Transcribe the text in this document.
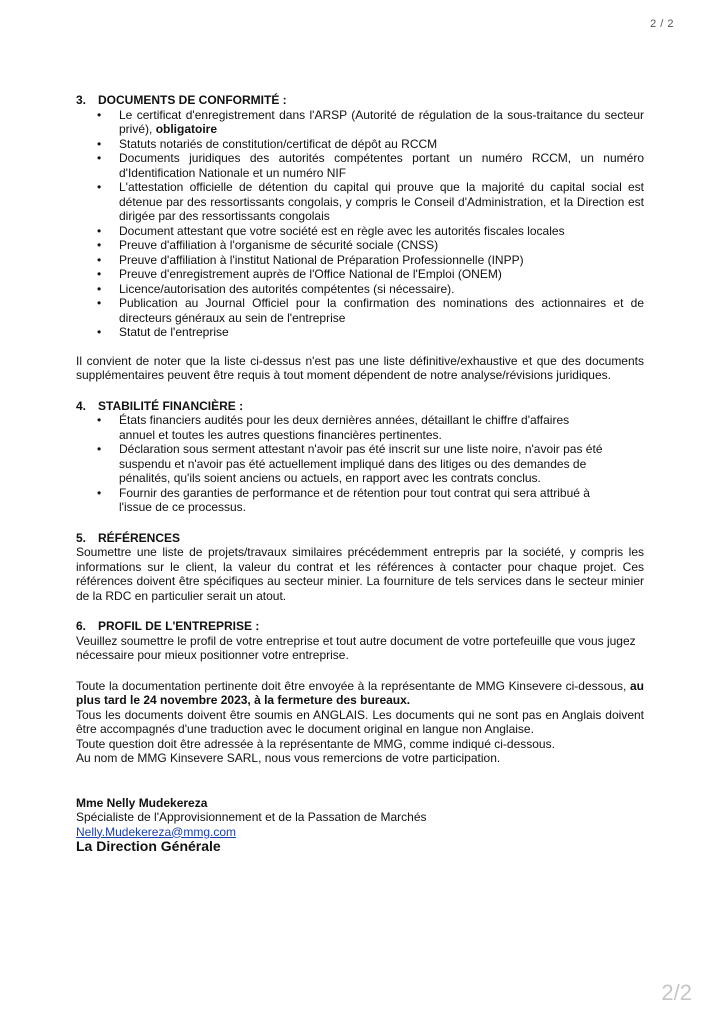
2 / 2

3. DOCUMENTS DE CONFORMITÉ :

• Le certificat d'enregistrement dans l'ARSP (Autorité de régulation de la sous-traitance du secteur privé), obligatoire
• Statuts notariés de constitution/certificat de dépôt au RCCM
• Documents juridiques des autorités compétentes portant un numéro RCCM, un numéro d'Identification Nationale et un numéro NIF
• L'attestation officielle de détention du capital qui prouve que la majorité du capital social est détenue par des ressortissants congolais, y compris le Conseil d'Administration, et la Direction est dirigée par des ressortissants congolais
• Document attestant que votre société est en règle avec les autorités fiscales locales
• Preuve d'affiliation à l'organisme de sécurité sociale (CNSS)
• Preuve d'affiliation à l'institut National de Préparation Professionnelle (INPP)
• Preuve d'enregistrement auprès de l'Office National de l'Emploi (ONEM)
• Licence/autorisation des autorités compétentes (si nécessaire).
• Publication au Journal Officiel pour la confirmation des nominations des actionnaires et de directeurs généraux au sein de l'entreprise
• Statut de l'entreprise

Il convient de noter que la liste ci-dessus n'est pas une liste définitive/exhaustive et que des documents supplémentaires peuvent être requis à tout moment dépendent de notre analyse/révisions juridiques.

4. STABILITÉ FINANCIÈRE :

• États financiers audités pour les deux dernières années, détaillant le chiffre d'affaires annuel et toutes les autres questions financières pertinentes.
• Déclaration sous serment attestant n'avoir pas été inscrit sur une liste noire, n'avoir pas été suspendu et n'avoir pas été actuellement impliqué dans des litiges ou des demandes de pénalités, qu'ils soient anciens ou actuels, en rapport avec les contrats conclus.
• Fournir des garanties de performance et de rétention pour tout contrat qui sera attribué à l'issue de ce processus.

5. RÉFÉRENCES

Soumettre une liste de projets/travaux similaires précédemment entrepris par la société, y compris les informations sur le client, la valeur du contrat et les références à contacter pour chaque projet. Ces références doivent être spécifiques au secteur minier. La fourniture de tels services dans le secteur minier de la RDC en particulier serait un atout.

6. PROFIL DE L'ENTREPRISE :

Veuillez soumettre le profil de votre entreprise et tout autre document de votre portefeuille que vous jugez nécessaire pour mieux positionner votre entreprise.

Toute la documentation pertinente doit être envoyée à la représentante de MMG Kinsevere ci-dessous, au plus tard le 24 novembre 2023, à la fermeture des bureaux.

Tous les documents doivent être soumis en ANGLAIS. Les documents qui ne sont pas en Anglais doivent être accompagnés d'une traduction avec le document original en langue non Anglaise.

Toute question doit être adressée à la représentante de MMG, comme indiqué ci-dessous.

Au nom de MMG Kinsevere SARL, nous vous remercions de votre participation.

Mme Nelly Mudekereza

Spécialiste de l'Approvisionnement et de la Passation de Marchés

Nelly.Mudekereza@mmg.com

La Direction Générale

2/2
